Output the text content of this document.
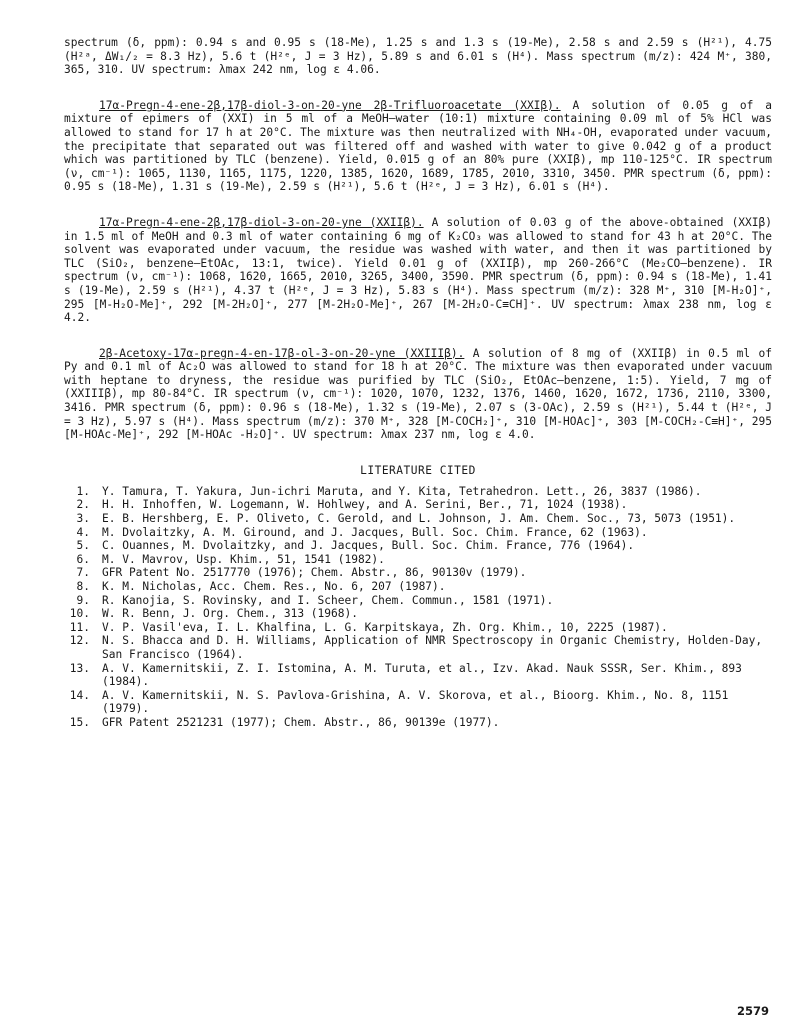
spectrum (δ, ppm): 0.94 s and 0.95 s (18-Me), 1.25 s and 1.3 s (19-Me), 2.58 s and 2.59 s (H²¹), 4.75 (H²ᵃ, ΔW₁/₂ = 8.3 Hz), 5.6 t (H²ᵉ, J = 3 Hz), 5.89 s and 6.01 s (H⁴). Mass spectrum (m/z): 424 M⁺, 380, 365, 310. UV spectrum: λmax 242 nm, log ε 4.06.

17α-Pregn-4-ene-2β,17β-diol-3-on-20-yne 2β-Trifluoroacetate (XXIβ). A solution of 0.05 g of a mixture of epimers of (XXI) in 5 ml of a MeOH—water (10:1) mixture containing 0.09 ml of 5% HCl was allowed to stand for 17 h at 20°C. The mixture was then neutralized with NH₄-OH, evaporated under vacuum, the precipitate that separated out was filtered off and washed with water to give 0.042 g of a product which was partitioned by TLC (benzene). Yield, 0.015 g of an 80% pure (XXIβ), mp 110-125°C. IR spectrum (ν, cm⁻¹): 1065, 1130, 1165, 1175, 1220, 1385, 1620, 1689, 1785, 2010, 3310, 3450. PMR spectrum (δ, ppm): 0.95 s (18-Me), 1.31 s (19-Me), 2.59 s (H²¹), 5.6 t (H²ᵉ, J = 3 Hz), 6.01 s (H⁴).

17α-Pregn-4-ene-2β,17β-diol-3-on-20-yne (XXIIβ). A solution of 0.03 g of the above-obtained (XXIβ) in 1.5 ml of MeOH and 0.3 ml of water containing 6 mg of K₂CO₃ was allowed to stand for 43 h at 20°C. The solvent was evaporated under vacuum, the residue was washed with water, and then it was partitioned by TLC (SiO₂, benzene—EtOAc, 13:1, twice). Yield 0.01 g of (XXIIβ), mp 260-266°C (Me₂CO—benzene). IR spectrum (ν, cm⁻¹): 1068, 1620, 1665, 2010, 3265, 3400, 3590. PMR spectrum (δ, ppm): 0.94 s (18-Me), 1.41 s (19-Me), 2.59 s (H²¹), 4.37 t (H²ᵉ, J = 3 Hz), 5.83 s (H⁴). Mass spectrum (m/z): 328 M⁺, 310 [M-H₂O]⁺, 295 [M-H₂O-Me]⁺, 292 [M-2H₂O]⁺, 277 [M-2H₂O-Me]⁺, 267 [M-2H₂O-C≡CH]⁺. UV spectrum: λmax 238 nm, log ε 4.2.

2β-Acetoxy-17α-pregn-4-en-17β-ol-3-on-20-yne (XXIIIβ). A solution of 8 mg of (XXIIβ) in 0.5 ml of Py and 0.1 ml of Ac₂O was allowed to stand for 18 h at 20°C. The mixture was then evaporated under vacuum with heptane to dryness, the residue was purified by TLC (SiO₂, EtOAc—benzene, 1:5). Yield, 7 mg of (XXIIIβ), mp 80-84°C. IR spectrum (ν, cm⁻¹): 1020, 1070, 1232, 1376, 1460, 1620, 1672, 1736, 2110, 3300, 3416. PMR spectrum (δ, ppm): 0.96 s (18-Me), 1.32 s (19-Me), 2.07 s (3-OAc), 2.59 s (H²¹), 5.44 t (H²ᵉ, J = 3 Hz), 5.97 s (H⁴). Mass spectrum (m/z): 370 M⁺, 328 [M-COCH₂]⁺, 310 [M-HOAc]⁺, 303 [M-COCH₂-C≡H]⁺, 295 [M-HOAc-Me]⁺, 292 [M-HOAc -H₂O]⁺. UV spectrum: λmax 237 nm, log ε 4.0.

LITERATURE CITED
1. Y. Tamura, T. Yakura, Jun-ichri Maruta, and Y. Kita, Tetrahedron. Lett., 26, 3837 (1986).
2. H. H. Inhoffen, W. Logemann, W. Hohlwey, and A. Serini, Ber., 71, 1024 (1938).
3. E. B. Hershberg, E. P. Oliveto, C. Gerold, and L. Johnson, J. Am. Chem. Soc., 73, 5073 (1951).
4. M. Dvolaitzky, A. M. Giround, and J. Jacques, Bull. Soc. Chim. France, 62 (1963).
5. C. Ouannes, M. Dvolaitzky, and J. Jacques, Bull. Soc. Chim. France, 776 (1964).
6. M. V. Mavrov, Usp. Khim., 51, 1541 (1982).
7. GFR Patent No. 2517770 (1976); Chem. Abstr., 86, 90130v (1979).
8. K. M. Nicholas, Acc. Chem. Res., No. 6, 207 (1987).
9. R. Kanojia, S. Rovinsky, and I. Scheer, Chem. Commun., 1581 (1971).
10. W. R. Benn, J. Org. Chem., 313 (1968).
11. V. P. Vasil'eva, I. L. Khalfina, L. G. Karpitskaya, Zh. Org. Khim., 10, 2225 (1987).
12. N. S. Bhacca and D. H. Williams, Application of NMR Spectroscopy in Organic Chemistry, Holden-Day, San Francisco (1964).
13. A. V. Kamernitskii, Z. I. Istomina, A. M. Turuta, et al., Izv. Akad. Nauk SSSR, Ser. Khim., 893 (1984).
14. A. V. Kamernitskii, N. S. Pavlova-Grishina, A. V. Skorova, et al., Bioorg. Khim., No. 8, 1151 (1979).
15. GFR Patent 2521231 (1977); Chem. Abstr., 86, 90139e (1977).
2579
